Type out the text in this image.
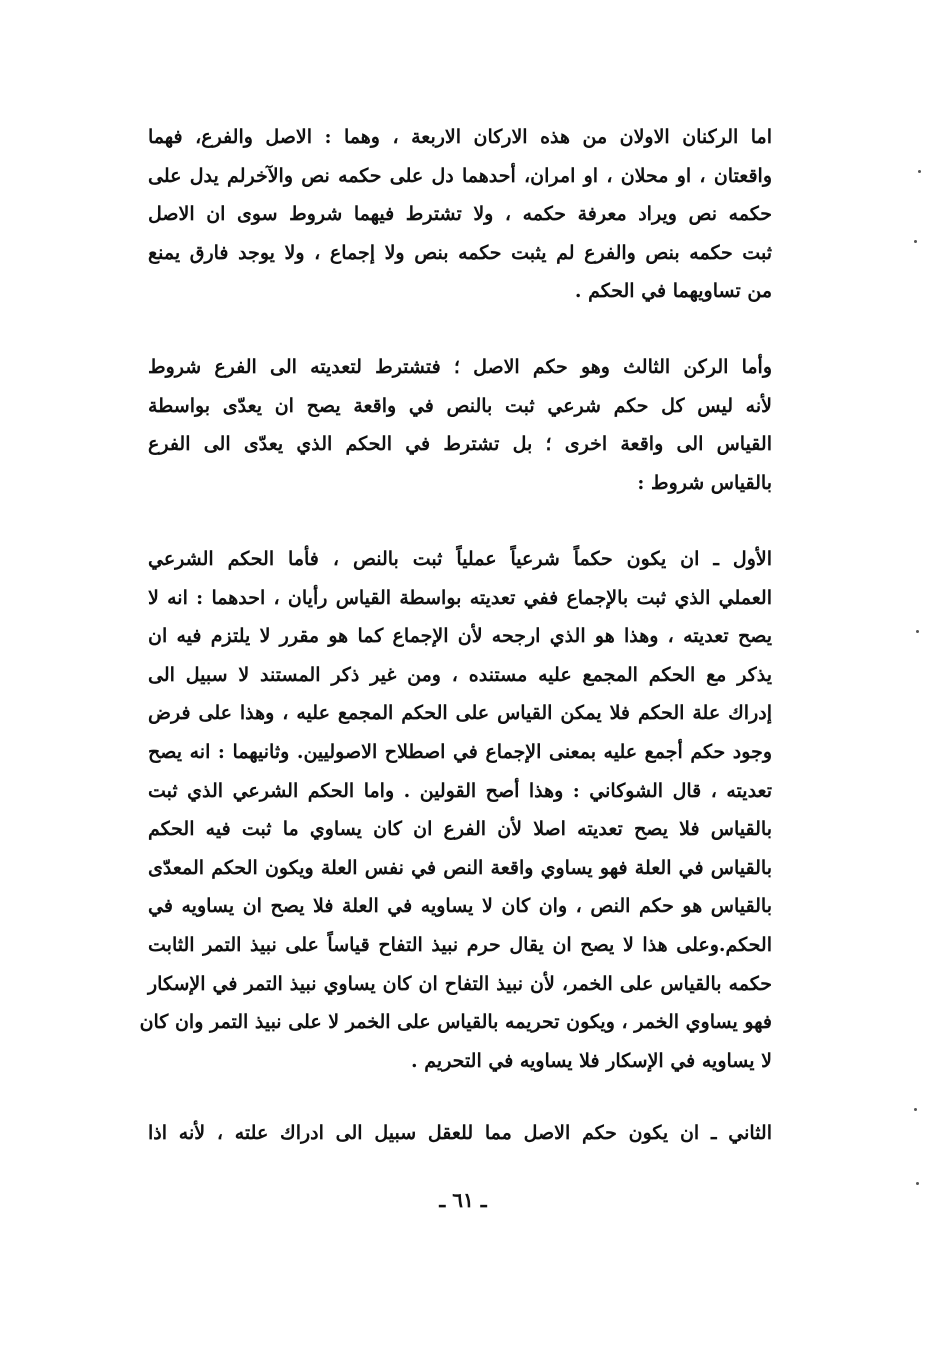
اما الركنان الاولان من هذه الاركان الاربعة ، وهما : الاصل والفرع، فهما
واقعتان ، او محلان ، او امران، أحدهما دل على حكمه نص والآخرلم يدل على
حكمه نص ويراد معرفة حكمه ، ولا تشترط فيهما شروط سوى ان الاصل
ثبت حكمه بنص والفرع لم يثبت حكمه بنص ولا إجماع ، ولا يوجد فارق يمنع
من تساويهما في الحكم .
وأما الركن الثالث وهو حكم الاصل ؛ فتشترط لتعديته الى الفرع شروط
لأنه ليس كل حكم شرعي ثبت بالنص في واقعة يصح ان يعدّى بواسطة
القياس الى واقعة اخرى ؛ بل تشترط في الحكم الذي يعدّى الى الفرع
بالقياس شروط :
الأول ـ ان يكون حكماً شرعياً عملياً ثبت بالنص ، فأما الحكم الشرعي
العملي الذي ثبت بالإجماع ففي تعديته بواسطة القياس رأيان ، احدهما : انه لا
يصح تعديته ، وهذا هو الذي ارجحه لأن الإجماع كما هو مقرر لا يلتزم فيه ان
يذكر مع الحكم المجمع عليه مستنده ، ومن غير ذكر المستند لا سبيل الى
إدراك علة الحكم فلا يمكن القياس على الحكم المجمع عليه ، وهذا على فرض
وجود حكم أجمع عليه بمعنى الإجماع في اصطلاح الاصوليين. وثانيهما : انه يصح
تعديته ، قال الشوكاني : وهذا أصح القولين . واما الحكم الشرعي الذي ثبت
بالقياس فلا يصح تعديته اصلا لأن الفرع ان كان يساوي ما ثبت فيه الحكم
بالقياس في العلة فهو يساوي واقعة النص في نفس العلة ويكون الحكم المعدّى
بالقياس هو حكم النص ، وان كان لا يساويه في العلة فلا يصح ان يساويه في
الحكم.وعلى هذا لا يصح ان يقال حرم نبيذ التفاح قياساً على نبيذ التمر الثابت
حكمه بالقياس على الخمر، لأن نبيذ التفاح ان كان يساوي نبيذ التمر في الإسكار
فهو يساوي الخمر ، ويكون تحريمه بالقياس على الخمر لا على نبيذ التمر وان كان
لا يساويه في الإسكار فلا يساويه في التحريم .
الثاني ـ ان يكون حكم الاصل مما للعقل سبيل الى ادراك علته ، لأنه اذا
ـ ٦١ ـ
